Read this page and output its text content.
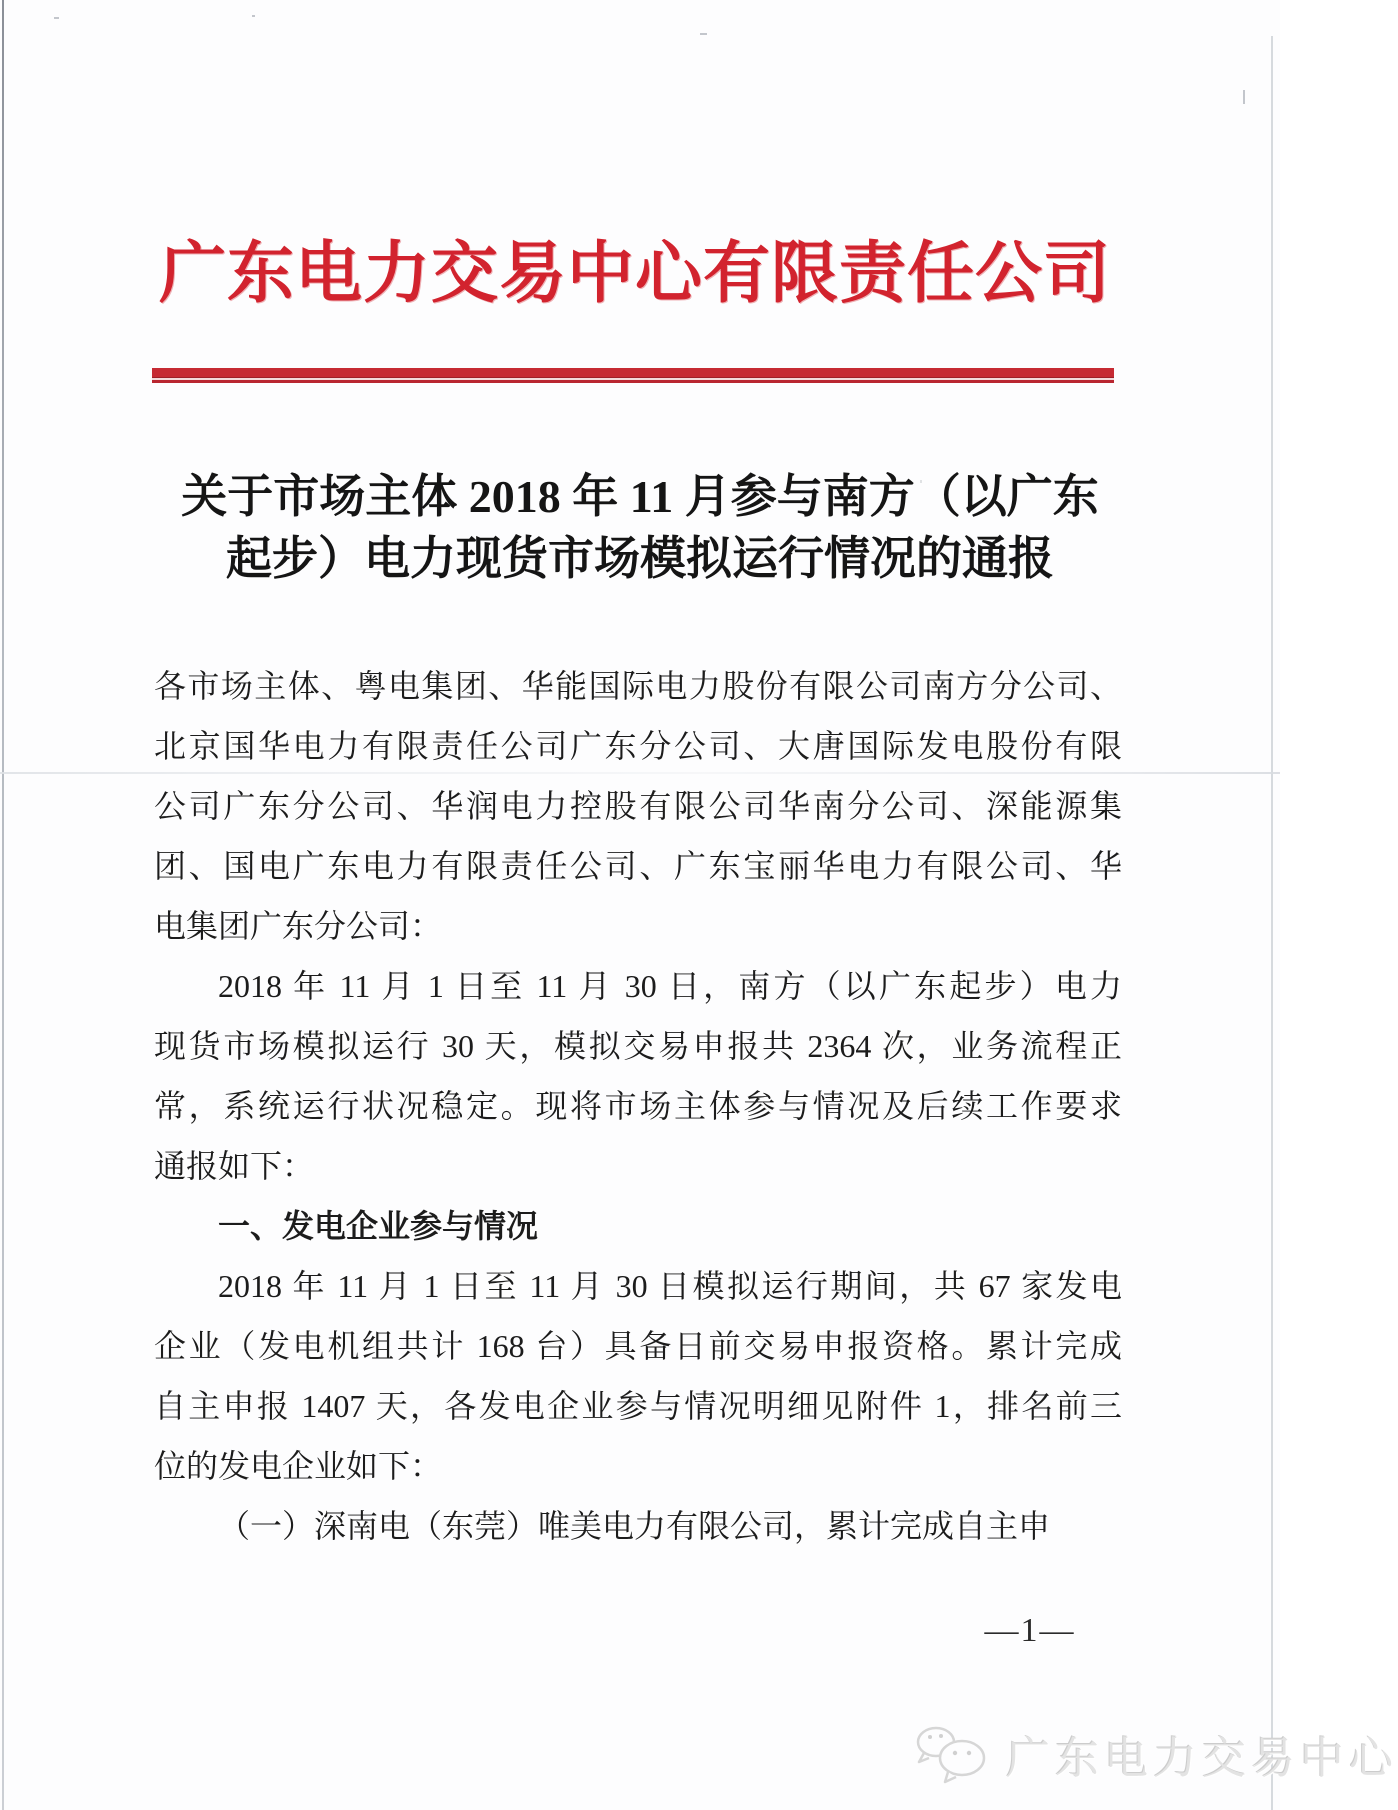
广东电力交易中心有限责任公司
关于市场主体 2018 年 11 月参与南方（以广东
起步）电力现货市场模拟运行情况的通报
各市场主体、粤电集团、华能国际电力股份有限公司南方分公司、
北京国华电力有限责任公司广东分公司、大唐国际发电股份有限
公司广东分公司、华润电力控股有限公司华南分公司、深能源集
团、国电广东电力有限责任公司、广东宝丽华电力有限公司、华
电集团广东分公司：
2018 年 11 月 1 日至 11 月 30 日，南方（以广东起步）电力
现货市场模拟运行 30 天，模拟交易申报共 2364 次，业务流程正
常，系统运行状况稳定。现将市场主体参与情况及后续工作要求
通报如下：
一、发电企业参与情况
2018 年 11 月 1 日至 11 月 30 日模拟运行期间，共 67 家发电
企业（发电机组共计 168 台）具备日前交易申报资格。累计完成
自主申报 1407 天，各发电企业参与情况明细见附件 1，排名前三
位的发电企业如下：
（一）深南电（东莞）唯美电力有限公司，累计完成自主申
—1—
广东电力交易中心
